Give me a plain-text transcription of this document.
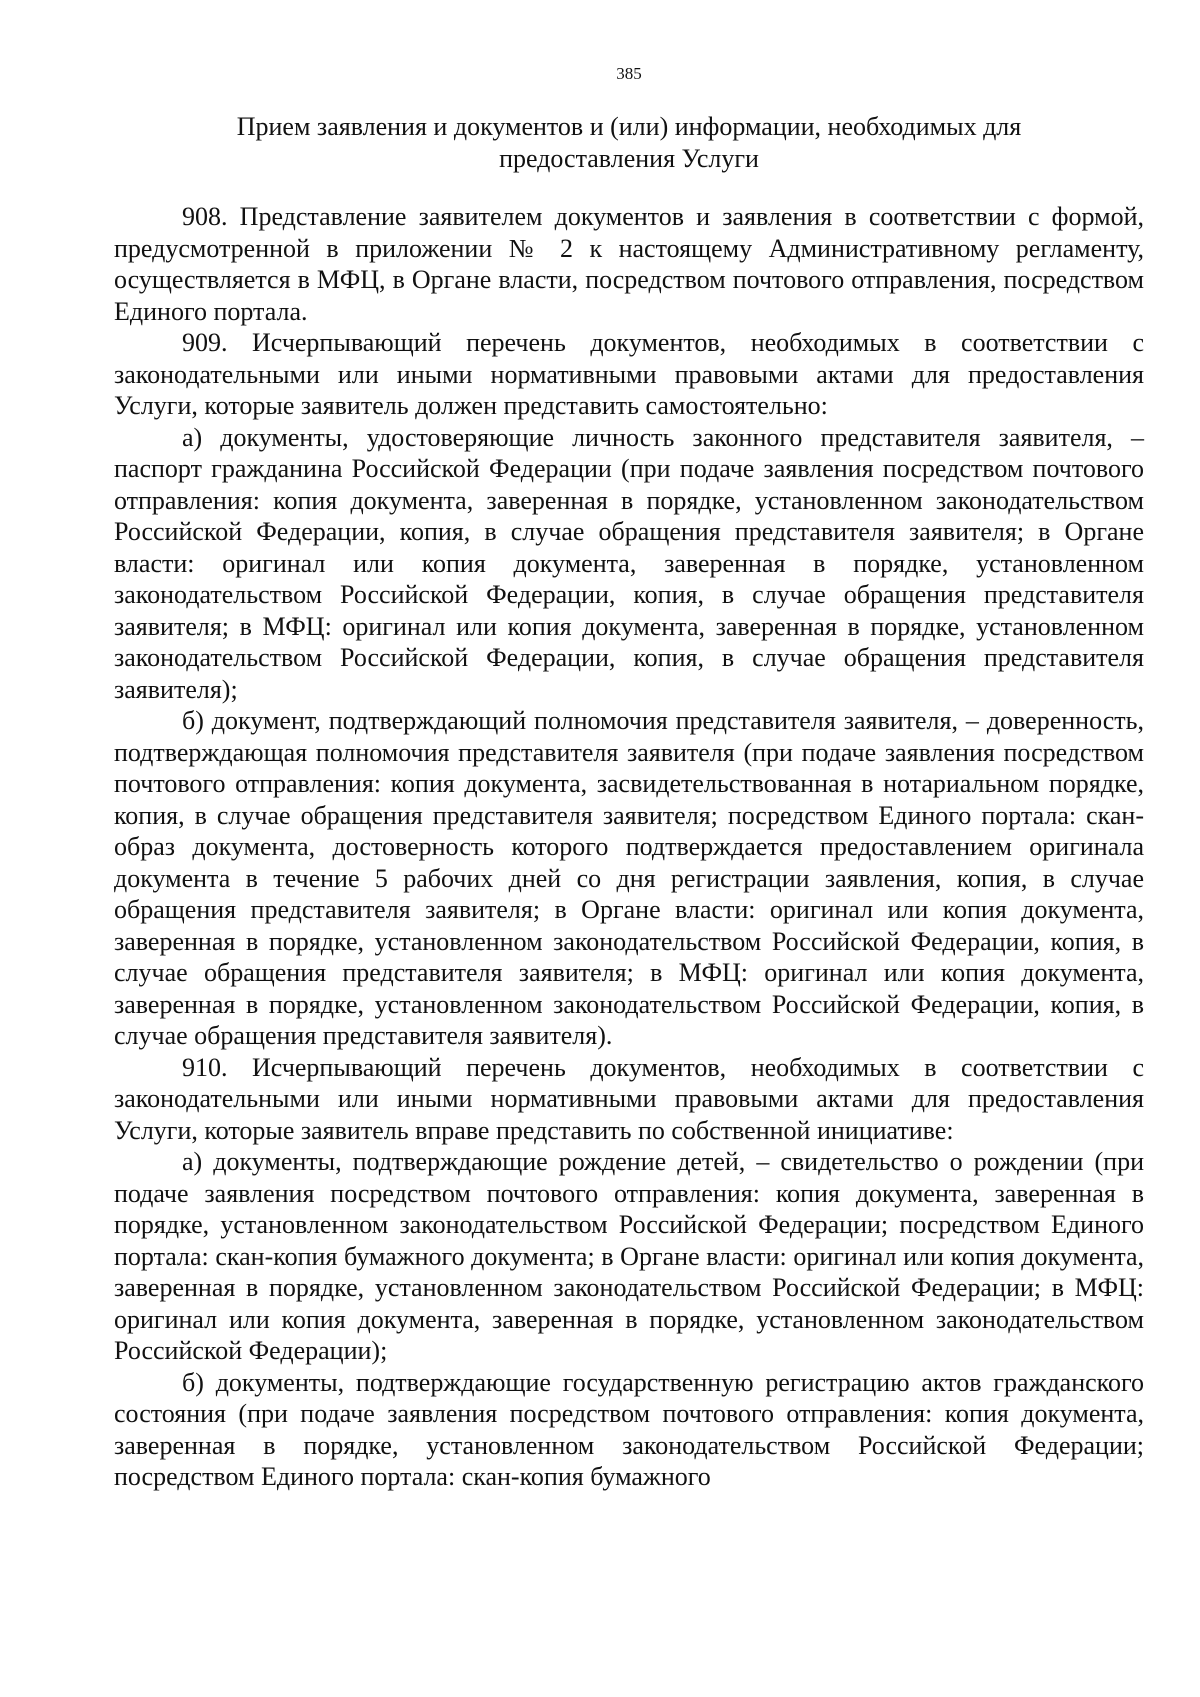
385
Прием заявления и документов и (или) информации, необходимых для предоставления Услуги

908. Представление заявителем документов и заявления в соответствии с формой, предусмотренной в приложении № 2 к настоящему Административному регламенту, осуществляется в МФЦ, в Органе власти, посредством почтового отправления, посредством Единого портала.

909. Исчерпывающий перечень документов, необходимых в соответствии с законодательными или иными нормативными правовыми актами для предоставления Услуги, которые заявитель должен представить самостоятельно:

а) документы, удостоверяющие личность законного представителя заявителя, – паспорт гражданина Российской Федерации (при подаче заявления посредством почтового отправления: копия документа, заверенная в порядке, установленном законодательством Российской Федерации, копия, в случае обращения представителя заявителя; в Органе власти: оригинал или копия документа, заверенная в порядке, установленном законодательством Российской Федерации, копия, в случае обращения представителя заявителя; в МФЦ: оригинал или копия документа, заверенная в порядке, установленном законодательством Российской Федерации, копия, в случае обращения представителя заявителя);

б) документ, подтверждающий полномочия представителя заявителя, – доверенность, подтверждающая полномочия представителя заявителя (при подаче заявления посредством почтового отправления: копия документа, засвидетельствованная в нотариальном порядке, копия, в случае обращения представителя заявителя; посредством Единого портала: скан-образ документа, достоверность которого подтверждается предоставлением оригинала документа в течение 5 рабочих дней со дня регистрации заявления, копия, в случае обращения представителя заявителя; в Органе власти: оригинал или копия документа, заверенная в порядке, установленном законодательством Российской Федерации, копия, в случае обращения представителя заявителя; в МФЦ: оригинал или копия документа, заверенная в порядке, установленном законодательством Российской Федерации, копия, в случае обращения представителя заявителя).

910. Исчерпывающий перечень документов, необходимых в соответствии с законодательными или иными нормативными правовыми актами для предоставления Услуги, которые заявитель вправе представить по собственной инициативе:

а) документы, подтверждающие рождение детей, – свидетельство о рождении (при подаче заявления посредством почтового отправления: копия документа, заверенная в порядке, установленном законодательством Российской Федерации; посредством Единого портала: скан-копия бумажного документа; в Органе власти: оригинал или копия документа, заверенная в порядке, установленном законодательством Российской Федерации; в МФЦ: оригинал или копия документа, заверенная в порядке, установленном законодательством Российской Федерации);

б) документы, подтверждающие государственную регистрацию актов гражданского состояния (при подаче заявления посредством почтового отправления: копия документа, заверенная в порядке, установленном законодательством Российской Федерации; посредством Единого портала: скан-копия бумажного
